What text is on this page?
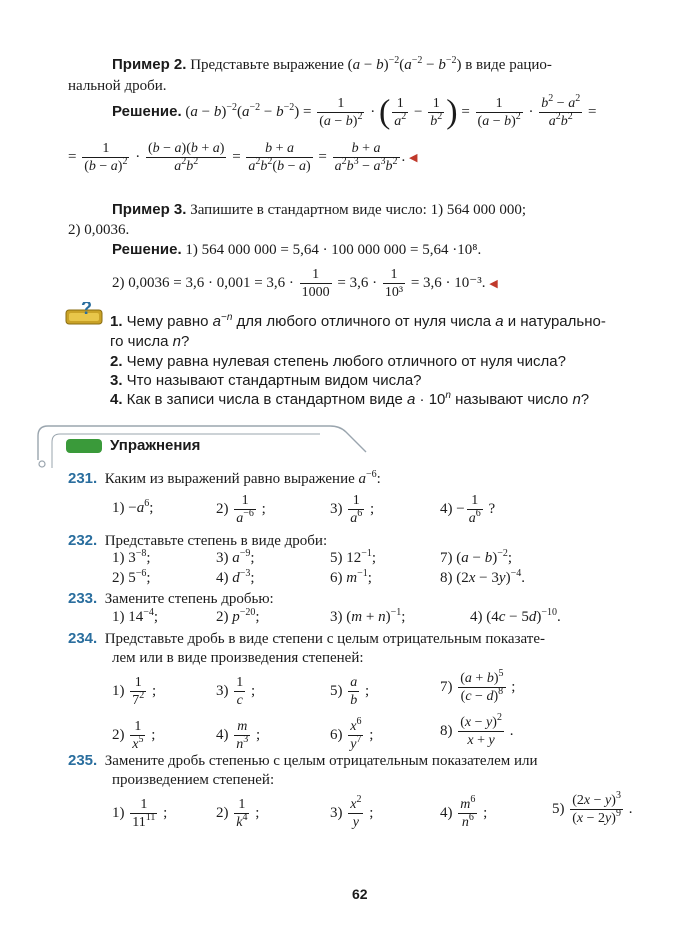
Пример 2. Представьте выражение $(a - b)^{-2}(a^{-2} - b^{-2})$ в виде рацио-
нальной дроби.
Решение. $(a - b)^{-2}(a^{-2} - b^{-2}) = \frac{1}{(a - b)^2}$ · ( $\frac{1}{a^2} - \frac{1}{b^2}$ ) = $\frac{1}{(a - b)^2} \cdot \frac{b^2 - a^2}{a^2b^2}$ =
= $\frac{1}{(b - a)^2} \cdot \frac{(b - a)(b + a)}{a^2b^2} = \frac{b + a}{a^2b^2(b - a)} = \frac{b + a}{a^2b^3 - a^3b^2}$ . ◀
Пример 3. Запишите в стандартном виде число: 1) 564 000 000;
2) 0,0036.
Решение. 1) 564 000 000 = 5,64 · 100 000 000 = 5,64 ·10⁸.
2) $0,0036 = 3,6 \cdot 0,001 = 3,6 \cdot \frac{1}{1000} = 3,6 \cdot \frac{1}{\text{10³}} = 3,6 \cdot 10^{-3}$. ◀
?
1. Чему равно $a^{-n}$ для любого отличного от нуля числа a и натурально-
го числа n?
2. Чему равна нулевая степень любого отличного от нуля числа?
3. Что называют стандартным видом числа?
4. Как в записи числа в стандартном виде $a \cdot 10^n$ называют число n?
Упражнения
231.  Каким из выражений равно выражение $a^{-6}$:
$1) -a^6$;	$2) \frac{1}{a^{-6}}$ ;	$3) \frac{1}{a^6}$ ;	$4) - \frac{1}{a^6}$ ?
232. Представьте степень в виде дроби:
1) $3^{-8}$;	3) $a^{-9}$;	5) $12^{-1}$;	7) $(a - b)^{-2}$;
2) $5^{-6}$;	4) $d^{-3}$;	6) $m^{-1}$;	8) $(2x - 3y)^{-4}$.
233. Замените степень дробью:
1) $14^{-4}$;	2) $p^{-20}$;	3) $(m + n)^{-1}$;	4) $(4c - 5d)^{-10}$.
234. Представьте дробь в виде степени с целым отрицательным показате-
лем или в виде произведения степеней:
$1) \frac{1}{7^2}$ ;	$3) \frac{1}{c}$ ;	$5) \frac{a}{b}$ ;	$7) \frac{(a + b)^5}{(c - d)^8}$ ;
$2) \frac{1}{x^5}$ ;	$4) \frac{m}{n^3}$ ;	$6) \frac{x^6}{y^7}$ ;	$8) \frac{(x - y)^2}{x + y}$ .
235. Замените дробь степенью с целым отрицательным показателем или
произведением степеней:
$1) \frac{1}{11^{11}}$ ;	$2) \frac{1}{k^4}$ ;	$3) \frac{x^2}{y}$ ;	$4) \frac{m^6}{n^6}$ ;	$5) \frac{(2x - y)^3}{(x - 2y)^9}$ .
62
